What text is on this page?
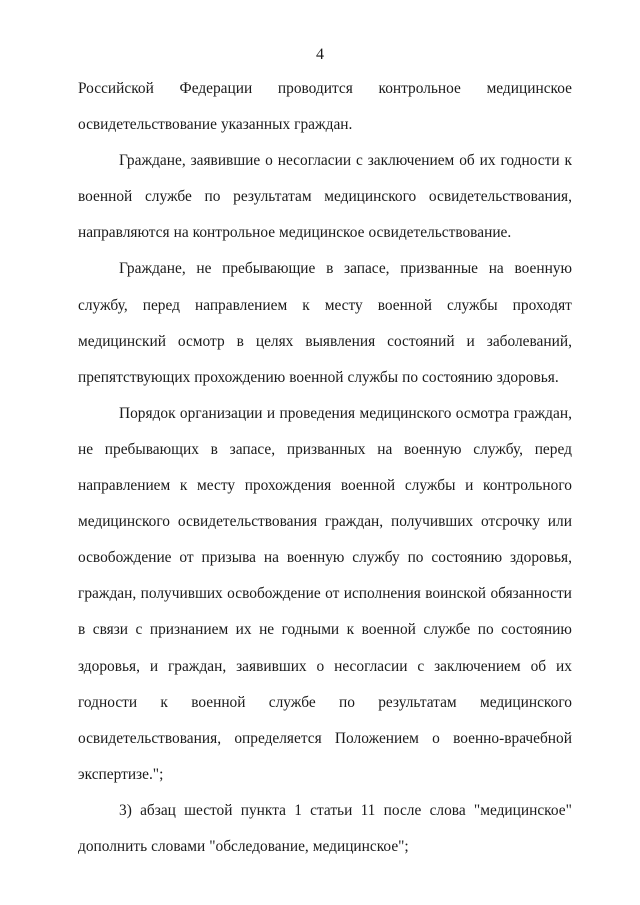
4
Российской Федерации проводится контрольное медицинское
освидетельствование указанных граждан.
Граждане, заявившие о несогласии с заключением об их годности к
военной службе по результатам медицинского освидетельствования,
направляются на контрольное медицинское освидетельствование.
Граждане, не пребывающие в запасе, призванные на военную
службу, перед направлением к месту военной службы проходят
медицинский осмотр в целях выявления состояний и заболеваний,
препятствующих прохождению военной службы по состоянию здоровья.
Порядок организации и проведения медицинского осмотра граждан,
не пребывающих в запасе, призванных на военную службу, перед
направлением к месту прохождения военной службы и контрольного
медицинского освидетельствования граждан, получивших отсрочку или
освобождение от призыва на военную службу по состоянию здоровья,
граждан, получивших освобождение от исполнения воинской обязанности
в связи с признанием их не годными к военной службе по состоянию
здоровья, и граждан, заявивших о несогласии с заключением об их
годности к военной службе по результатам медицинского
освидетельствования, определяется Положением о военно-врачебной
экспертизе.";
3) абзац шестой пункта 1 статьи 11 после слова "медицинское"
дополнить словами "обследование, медицинское";
